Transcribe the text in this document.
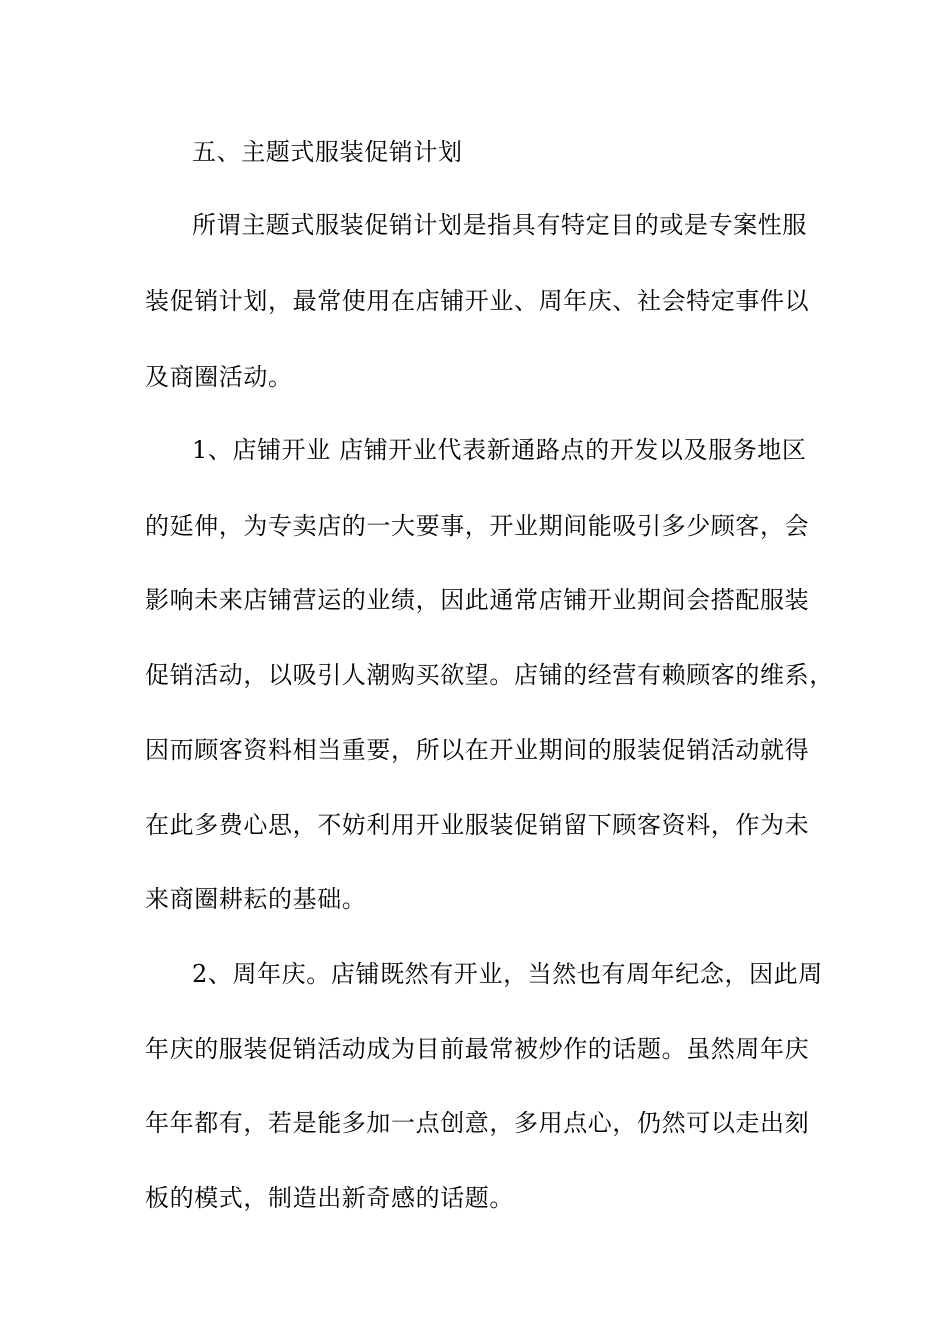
五、主题式服装促销计划
所谓主题式服装促销计划是指具有特定目的或是专案性服
装促销计划，最常使用在店铺开业、周年庆、社会特定事件以
及商圈活动。
1、店铺开业 店铺开业代表新通路点的开发以及服务地区
的延伸，为专卖店的一大要事，开业期间能吸引多少顾客，会
影响未来店铺营运的业绩，因此通常店铺开业期间会搭配服装
促销活动，以吸引人潮购买欲望。店铺的经营有赖顾客的维系，
因而顾客资料相当重要，所以在开业期间的服装促销活动就得
在此多费心思，不妨利用开业服装促销留下顾客资料，作为未
来商圈耕耘的基础。
2、周年庆。店铺既然有开业，当然也有周年纪念，因此周
年庆的服装促销活动成为目前最常被炒作的话题。虽然周年庆
年年都有，若是能多加一点创意，多用点心，仍然可以走出刻
板的模式，制造出新奇感的话题。
